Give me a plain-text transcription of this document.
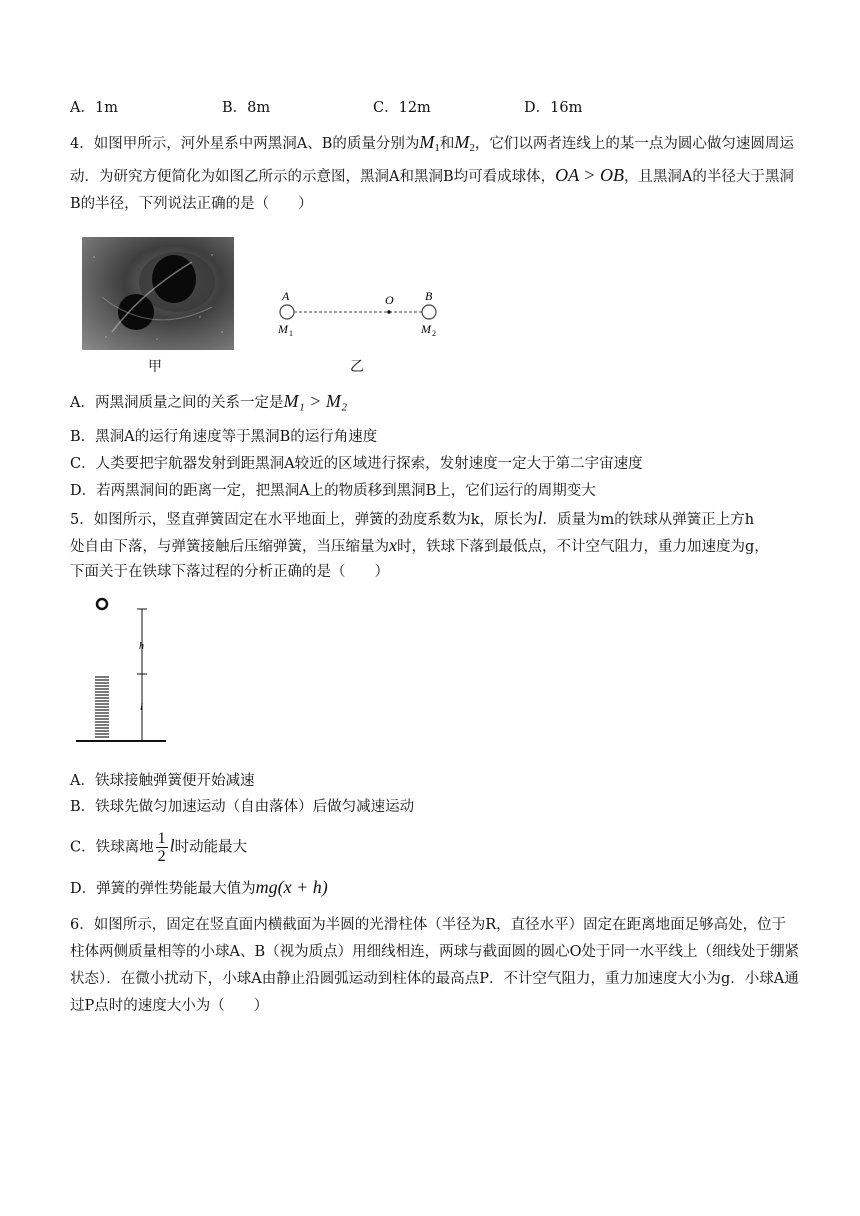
A．1m	B．8m	C．12m	D．16m
4．如图甲所示，河外星系中两黑洞A、B的质量分别为$M_1$和$M_2$，它们以两者连线上的某一点为圆心做匀速圆周运动．为研究方便简化为如图乙所示的示意图，黑洞A和黑洞B均可看成球体，OA > OB，且黑洞A的半径大于黑洞B的半径，下列说法正确的是（　　）
甲
A	B
O
M 1	M 2
乙
A．两黑洞质量之间的关系一定是M₁ > M₂
B．黑洞A的运行角速度等于黑洞B的运行角速度
C．人类要把宇航器发射到距黑洞A较近的区域进行探索，发射速度一定大于第二宇宙速度
D．若两黑洞间的距离一定，把黑洞A上的物质移到黑洞B上，它们运行的周期变大
5．如图所示，竖直弹簧固定在水平地面上，弹簧的劲度系数为k，原长为l．质量为m的铁球从弹簧正上方h
处自由下落，与弹簧接触后压缩弹簧，当压缩量为x时，铁球下落到最低点，不计空气阻力，重力加速度为g，
下面关于在铁球下落过程的分析正确的是（　　）
h
l
A．铁球接触弹簧便开始减速
B．铁球先做匀加速运动（自由落体）后做匀减速运动
C．铁球离地 $\frac{1}{2}$ l时动能最大
D．弹簧的弹性势能最大值为mg(x + h)
6．如图所示，固定在竖直面内横截面为半圆的光滑柱体（半径为R，直径水平）固定在距离地面足够高处，位于柱体两侧质量相等的小球A、B（视为质点）用细线相连，两球与截面圆的圆心O处于同一水平线上（细线处于绷紧状态）．在微小扰动下，小球A由静止沿圆弧运动到柱体的最高点P．不计空气阻力，重力加速度大小为g．小球A通过P点时的速度大小为（　　）
